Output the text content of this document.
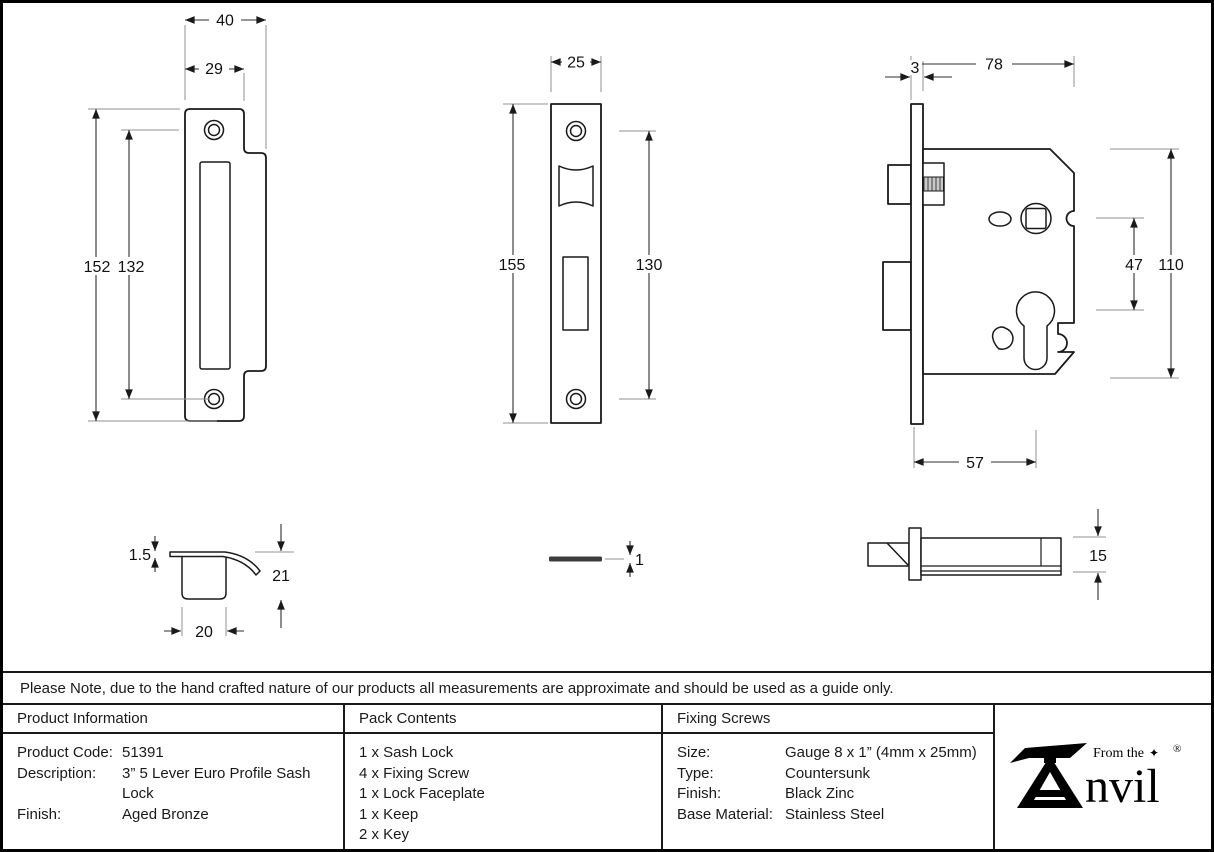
40
29
152 132
25
155	130
78
3
47 110
57
1.5
21
20
1	15
Please Note, due to the hand crafted nature of our products all measurements are approximate and should be used as a guide only.
Product Information
Product Code: 51391
Description:	3” 5 Lever Euro Profile Sash Lock
Finish:	Aged Bronze
Pack Contents
1 x Sash Lock
4 x Fixing Screw
1 x Lock Faceplate
1 x Keep
2 x Key
Fixing Screws
Size:	Gauge 8 x 1” (4mm x 25mm)
Type:	Countersunk
Finish:	Black Zinc
Base Material: Stainless Steel
From the ✦
nvil
®
